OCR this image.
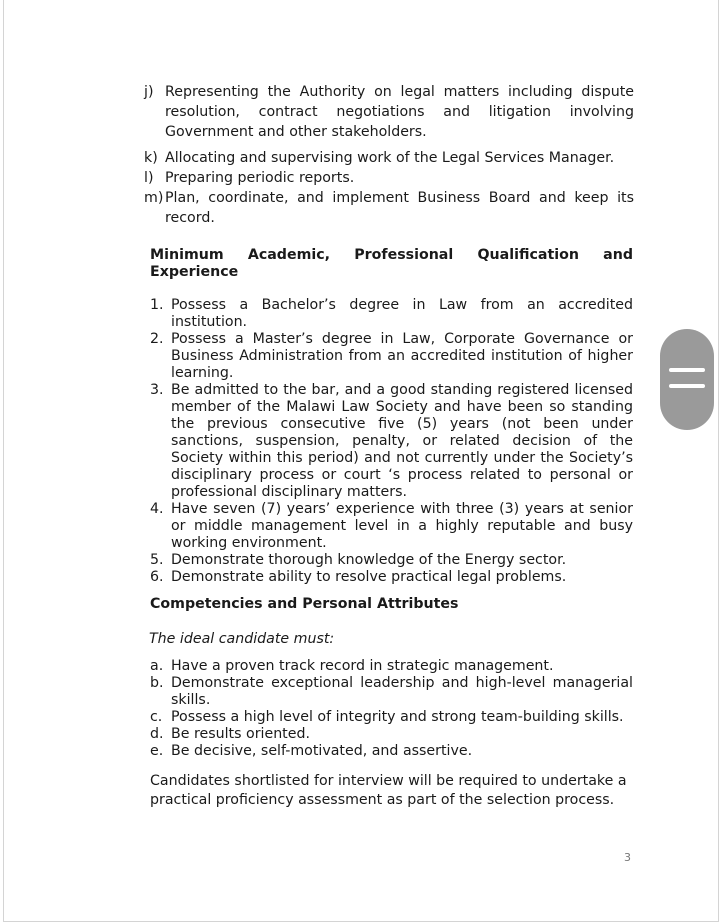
j) Representing the Authority on legal matters including dispute resolution, contract negotiations and litigation involving Government and other stakeholders.
k) Allocating and supervising work of the Legal Services Manager.
l) Preparing periodic reports.
m) Plan, coordinate, and implement Business Board and keep its record.
Minimum Academic, Professional Qualification and Experience
1. Possess a Bachelor’s degree in Law from an accredited institution.
2. Possess a Master’s degree in Law, Corporate Governance or Business Administration from an accredited institution of higher learning.
3. Be admitted to the bar, and a good standing registered licensed member of the Malawi Law Society and have been so standing the previous consecutive five (5) years (not been under sanctions, suspension, penalty, or related decision of the Society within this period) and not currently under the Society’s disciplinary process or court ‘s process related to personal or professional disciplinary matters.
4. Have seven (7) years’ experience with three (3) years at senior or middle management level in a highly reputable and busy working environment.
5. Demonstrate thorough knowledge of the Energy sector.
6. Demonstrate ability to resolve practical legal problems.
Competencies and Personal Attributes
The ideal candidate must:
a. Have a proven track record in strategic management.
b. Demonstrate exceptional leadership and high-level managerial skills.
c. Possess a high level of integrity and strong team-building skills.
d. Be results oriented.
e. Be decisive, self-motivated, and assertive.
Candidates shortlisted for interview will be required to undertake a practical proficiency assessment as part of the selection process.
3
